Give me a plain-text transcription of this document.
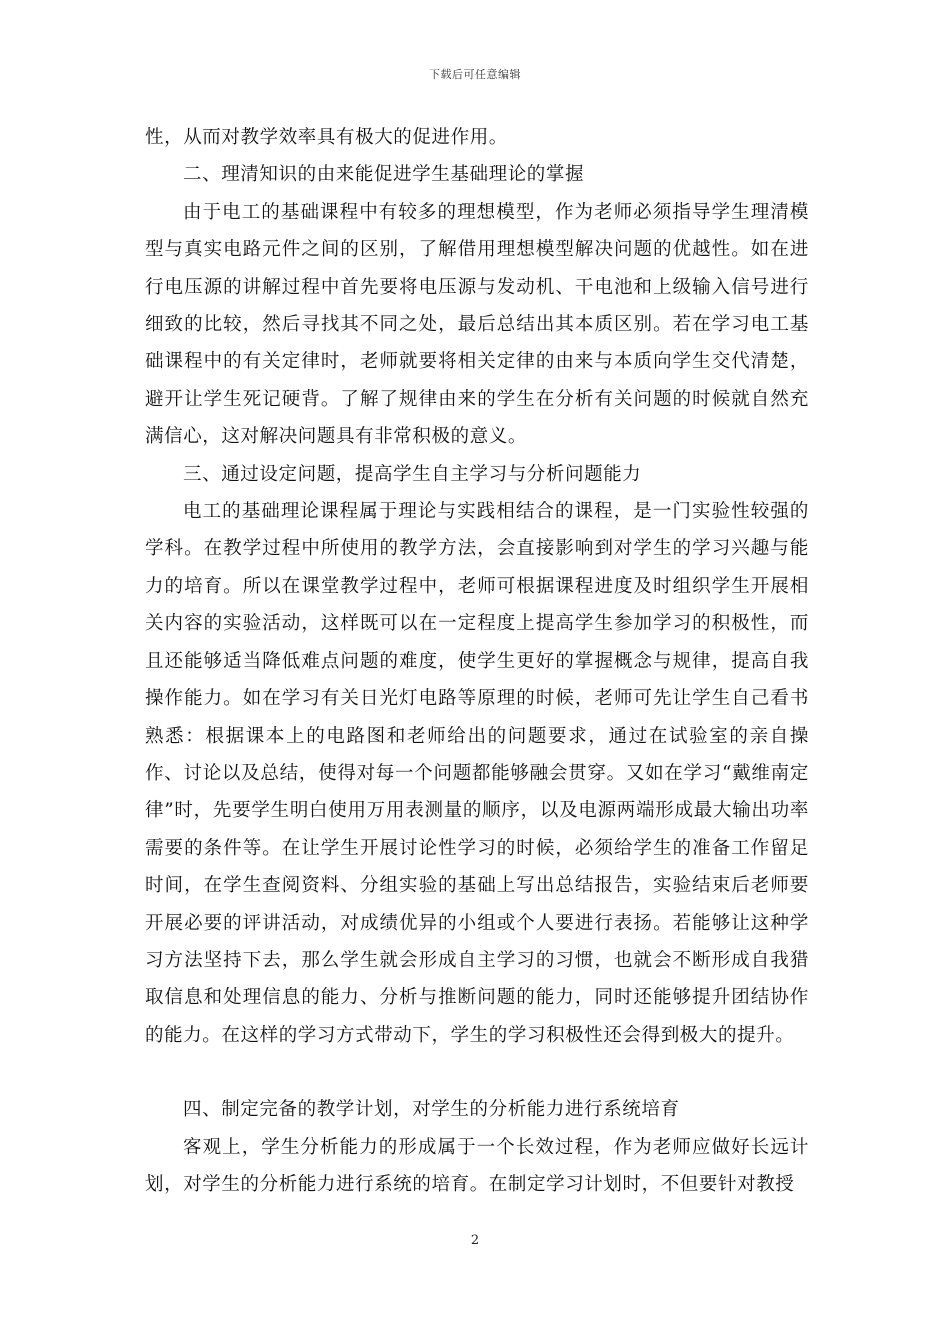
下载后可任意编辑

性，从而对教学效率具有极大的促进作用。

二、理清知识的由来能促进学生基础理论的掌握

由于电工的基础课程中有较多的理想模型，作为老师必须指导学生理清模型与真实电路元件之间的区别，了解借用理想模型解决问题的优越性。如在进行电压源的讲解过程中首先要将电压源与发动机、干电池和上级输入信号进行细致的比较，然后寻找其不同之处，最后总结出其本质区别。若在学习电工基础课程中的有关定律时，老师就要将相关定律的由来与本质向学生交代清楚，避开让学生死记硬背。了解了规律由来的学生在分析有关问题的时候就自然充满信心，这对解决问题具有非常积极的意义。

三、通过设定问题，提高学生自主学习与分析问题能力

电工的基础理论课程属于理论与实践相结合的课程，是一门实验性较强的学科。在教学过程中所使用的教学方法，会直接影响到对学生的学习兴趣与能力的培育。所以在课堂教学过程中，老师可根据课程进度及时组织学生开展相关内容的实验活动，这样既可以在一定程度上提高学生参加学习的积极性，而且还能够适当降低难点问题的难度，使学生更好的掌握概念与规律，提高自我操作能力。如在学习有关日光灯电路等原理的时候，老师可先让学生自己看书熟悉：根据课本上的电路图和老师给出的问题要求，通过在试验室的亲自操作、讨论以及总结，使得对每一个问题都能够融会贯穿。又如在学习“戴维南定律”时，先要学生明白使用万用表测量的顺序，以及电源两端形成最大输出功率需要的条件等。在让学生开展讨论性学习的时候，必须给学生的准备工作留足时间，在学生查阅资料、分组实验的基础上写出总结报告，实验结束后老师要开展必要的评讲活动，对成绩优异的小组或个人要进行表扬。若能够让这种学习方法坚持下去，那么学生就会形成自主学习的习惯，也就会不断形成自我猎取信息和处理信息的能力、分析与推断问题的能力，同时还能够提升团结协作的能力。在这样的学习方式带动下，学生的学习积极性还会得到极大的提升。

四、制定完备的教学计划，对学生的分析能力进行系统培育

客观上，学生分析能力的形成属于一个长效过程，作为老师应做好长远计划，对学生的分析能力进行系统的培育。在制定学习计划时，不但要针对教授

2
